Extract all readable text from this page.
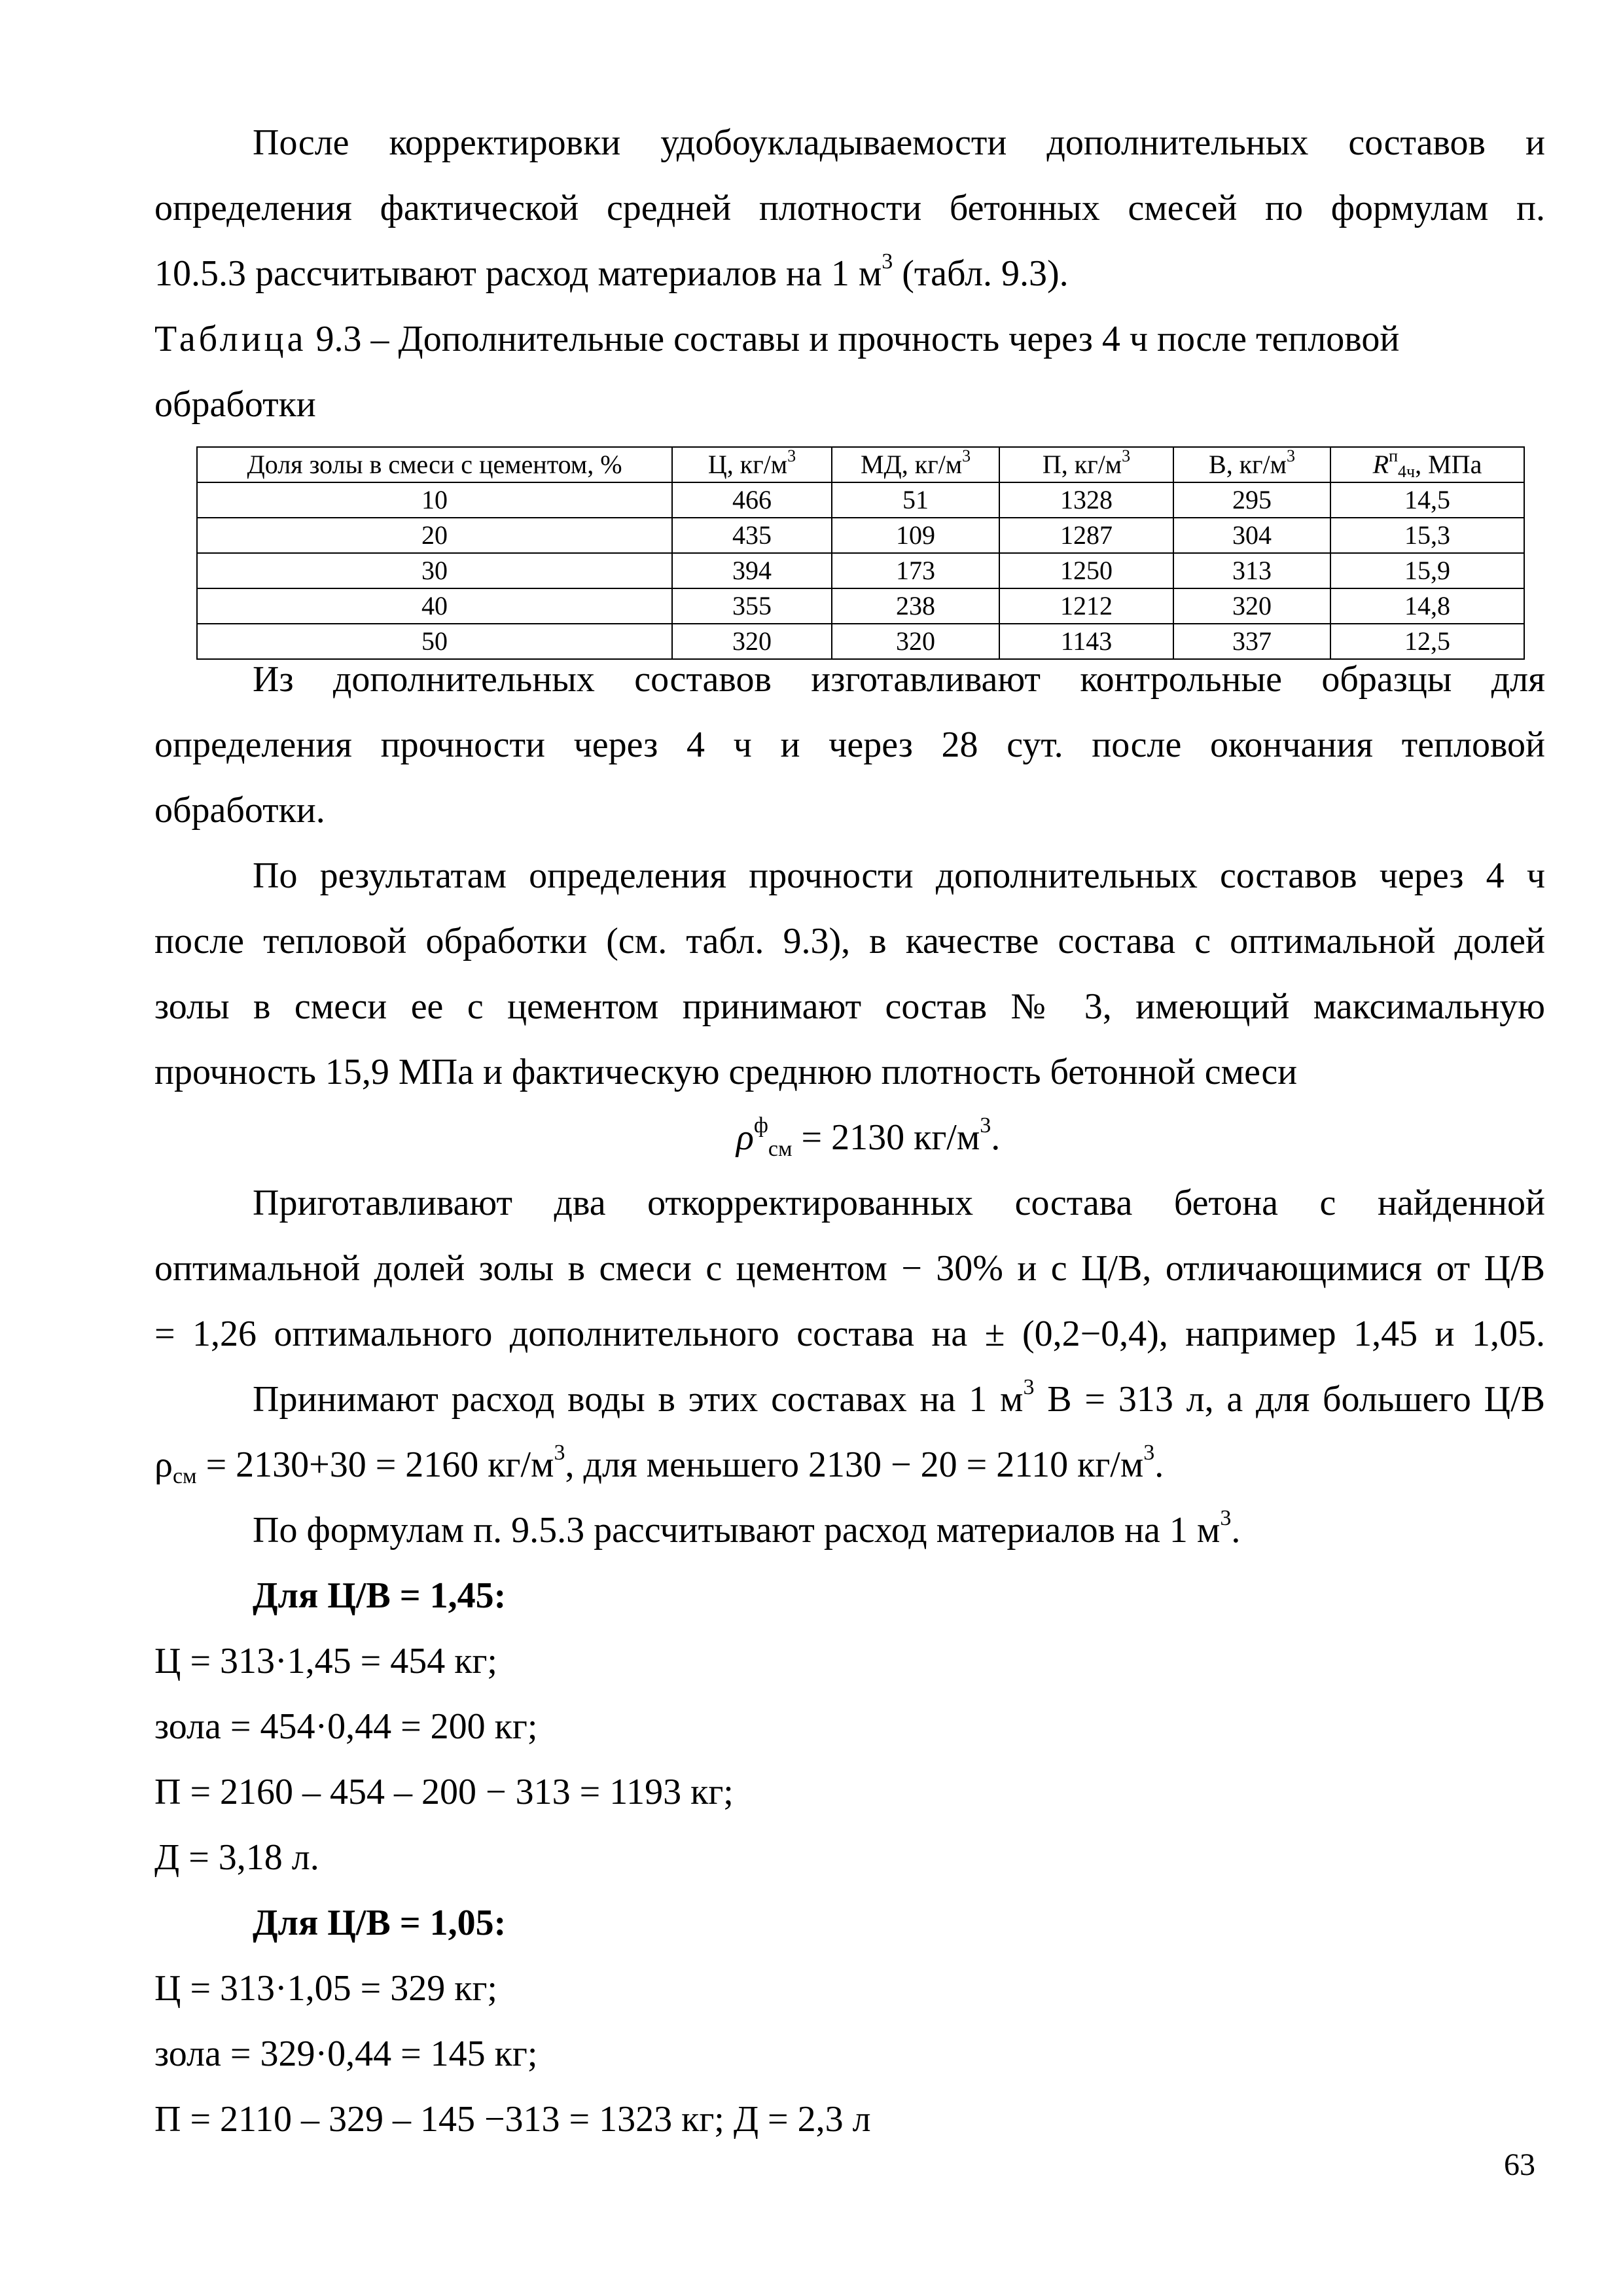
После корректировки удобоукладываемости дополнительных составов и
определения фактической средней плотности бетонных смесей по формулам п.
10.5.3 рассчитывают расход материалов на 1 $м^3$ (табл. 9.3).
Таблица 9.3 – Дополнительные составы и прочность через 4 ч после тепловой
обработки
Доля золы в смеси с цементом, %	Ц, $кг/м^3$	МД, $кг/м^3$	П, $кг/м^3$	В, $кг/м^3$	$R^п_{4ч}$, МПа
10	466	51	1328	295	14,5
20	435	109	1287	304	15,3
30	394	173	1250	313	15,9
40	355	238	1212	320	14,8
50	320	320	1143	337	12,5
Из дополнительных составов изготавливают контрольные образцы для
определения прочности через 4 ч и через 28 сут. после окончания тепловой
обработки.
По результатам определения прочности дополнительных составов через 4 ч
после тепловой обработки (см. табл. 9.3), в качестве состава с оптимальной долей
золы в смеси ее с цементом принимают состав № 3, имеющий максимальную
прочность 15,9 МПа и фактическую среднюю плотность бетонной смеси
$\rho^ф_{см} = 2130$ $кг/м^3$.
Приготавливают два откорректированных состава бетона с найденной
оптимальной долей золы в смеси с цементом − 30% и с Ц/В, отличающимися от Ц/В
= 1,26 оптимального дополнительного состава на ± (0,2−0,4), например 1,45 и 1,05.
Принимают расход воды в этих составах на 1 $м^3$ В = 313 л, а для большего Ц/В
$\rho_{см} = 2130+30 = 2160$ $кг/м^3$, для меньшего 2130 − 20 = 2110 $кг/м^3$.
По формулам п. 9.5.3 рассчитывают расход материалов на 1 $м^3$.
Для Ц/В = 1,45:
Ц = 313·1,45 = 454 кг;
зола = 454·0,44 = 200 кг;
П = 2160 – 454 – 200 − 313 = 1193 кг;
Д = 3,18 л.
Для Ц/В = 1,05:
Ц = 313·1,05 = 329 кг;
зола = 329·0,44 = 145 кг;
П = 2110 – 329 – 145 −313 = 1323 кг; Д = 2,3 л
63
